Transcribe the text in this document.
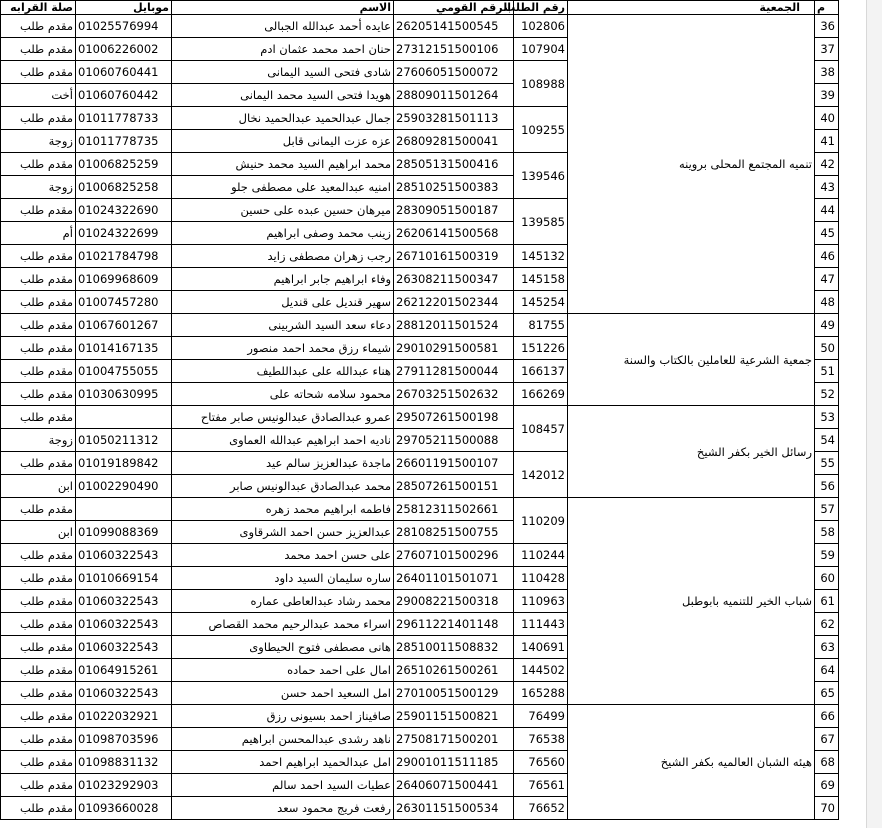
صلة القرابه	موبايل	الاسم	الرقم القومي	رقم الطلب	الجمعية	م
مقدم طلب	01025576994	عايده أحمد عبدالله الجبالى	26205141500545	102806	تنميه المجتمع المحلى بروينه	36
مقدم طلب	01006226002	حنان احمد محمد عثمان ادم	27312151500106	107904		37
مقدم طلب	01060760441	شادى فتحى السيد اليمانى	27606051500072	108988		38
أخت	01060760442	هويدا فتحى السيد محمد اليمانى	28809011501264			39
مقدم طلب	01011778733	جمال عبدالحميد عبدالحميد نخال	25903281501113	109255		40
زوجة	01011778735	عزه عزت اليمانى قابل	26809281500041			41
مقدم طلب	01006825259	محمد ابراهيم السيد محمد حنيش	28505131500416	139546		42
زوجة	01006825258	امنيه عبدالمعيد على مصطفى جلو	28510251500383			43
مقدم طلب	01024322690	ميرهان حسين عبده على حسين	28309051500187	139585		44
أم	01024322699	زينب محمد وصفى ابراهيم	26206141500568			45
مقدم طلب	01021784798	رجب زهران مصطفى زايد	26710161500319	145132		46
مقدم طلب	01069968609	وفاء ابراهيم جابر ابراهيم	26308211500347	145158		47
مقدم طلب	01007457280	سهير قنديل على قنديل	26212201502344	145254		48
مقدم طلب	01067601267	دعاء سعد السيد الشربينى	28812011501524	81755	جمعية الشرعية للعاملين بالكتاب والسنة	49
مقدم طلب	01014167135	شيماء رزق محمد احمد منصور	29010291500581	151226		50
مقدم طلب	01004755055	هناء عبدالله على عبداللطيف	27911281500044	166137		51
مقدم طلب	01030630995	محمود سلامه شحاته على	26703251502632	166269		52
مقدم طلب		عمرو عبدالصادق عبدالونيس صابر مفتاح	29507261500198	108457	رسائل الخير بكفر الشيخ	53
زوجة	01050211312	ناديه احمد ابراهيم عبدالله العماوى	29705211500088			54
مقدم طلب	01019189842	ماجدة عبدالعزيز سالم عيد	26601191500107	142012		55
ابن	01002290490	محمد عبدالصادق عبدالونيس صابر	28507261500151			56
مقدم طلب		فاطمه ابراهيم محمد زهره	25812311502661	110209	شباب الخير للتنميه بابوطبل	57
ابن	01099088369	عبدالعزيز حسن احمد الشرقاوى	28108251500755			58
مقدم طلب	01060322543	على حسن احمد محمد	27607101500296	110244		59
مقدم طلب	01010669154	ساره سليمان السيد داود	26401101501071	110428		60
مقدم طلب	01060322543	محمد رشاد عبدالعاطى عماره	29008221500318	110963		61
مقدم طلب	01060322543	اسراء محمد عبدالرحيم محمد القصاص	29611221401148	111443		62
مقدم طلب	01060322543	هانى مصطفى فتوح الحيطاوى	28510011508832	140691		63
مقدم طلب	01064915261	امال على احمد حماده	26510261500261	144502		64
مقدم طلب	01060322543	امل السعيد احمد حسن	27010051500129	165288		65
مقدم طلب	01022032921	صافيناز احمد بسيونى رزق	25901151500821	76499	هيئه الشبان العالميه بكفر الشيخ	66
مقدم طلب	01098703596	ناهد رشدى عبدالمحسن ابراهيم	27508171500201	76538		67
مقدم طلب	01098831132	امل عبدالحميد ابراهيم احمد	29001011511185	76560		68
مقدم طلب	01023292903	عطيات السيد احمد سالم	26406071500441	76561		69
مقدم طلب	01093660028	رفعت فريج محمود سعد	26301151500534	76652		70
